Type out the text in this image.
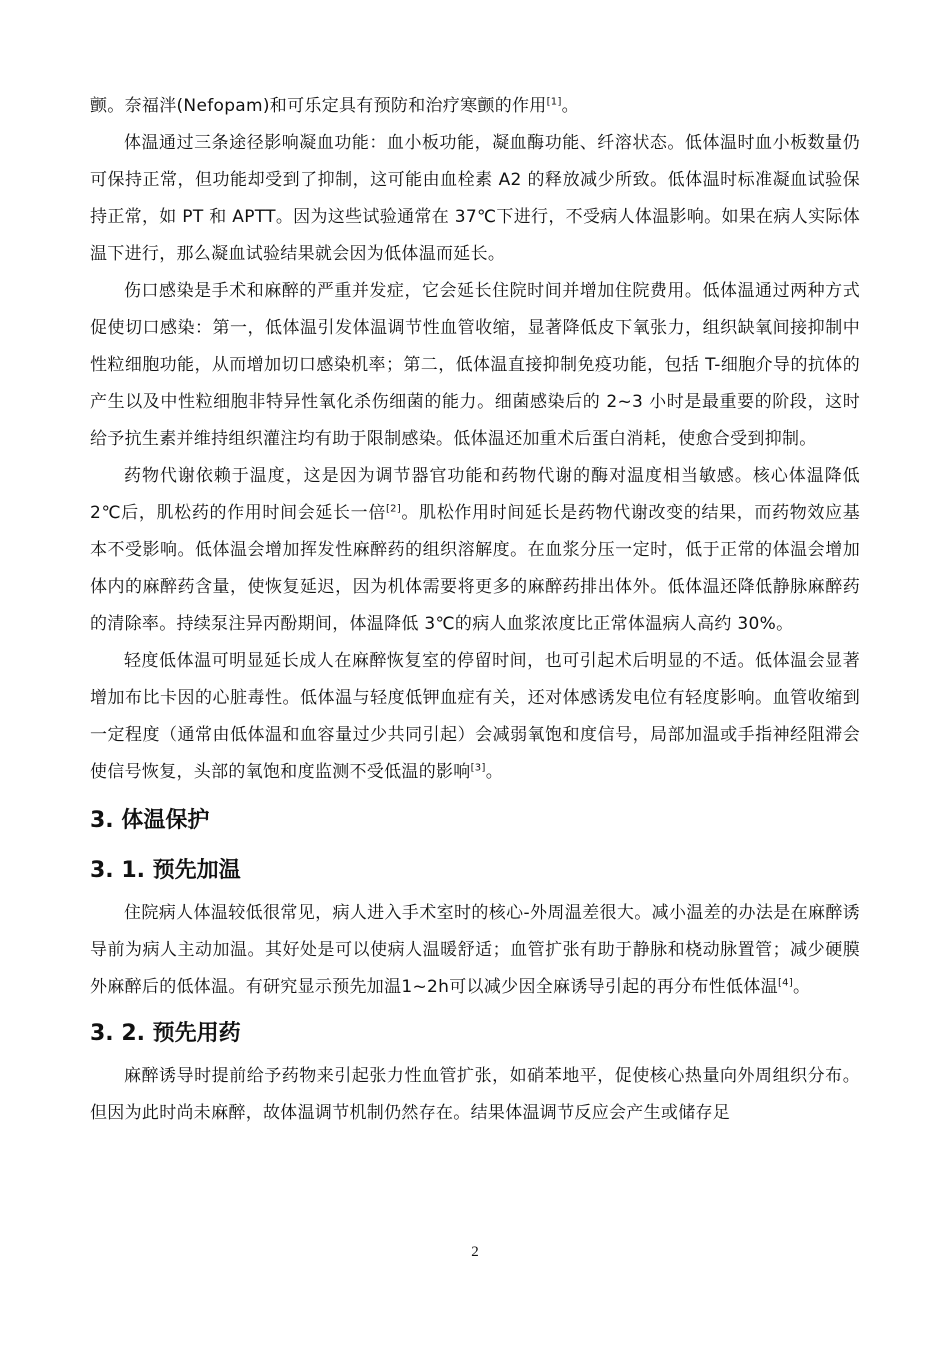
颤。奈福泮(Nefopam)和可乐定具有预防和治疗寒颤的作用[1]。

体温通过三条途径影响凝血功能：血小板功能，凝血酶功能、纤溶状态。低体温时血小板数量仍可保持正常，但功能却受到了抑制，这可能由血栓素 A2 的释放减少所致。低体温时标准凝血试验保持正常，如 PT 和 APTT。因为这些试验通常在 37℃下进行，不受病人体温影响。如果在病人实际体温下进行，那么凝血试验结果就会因为低体温而延长。

伤口感染是手术和麻醉的严重并发症，它会延长住院时间并增加住院费用。低体温通过两种方式促使切口感染：第一，低体温引发体温调节性血管收缩，显著降低皮下氧张力，组织缺氧间接抑制中性粒细胞功能，从而增加切口感染机率；第二，低体温直接抑制免疫功能，包括 T-细胞介导的抗体的产生以及中性粒细胞非特异性氧化杀伤细菌的能力。细菌感染后的 2~3 小时是最重要的阶段，这时给予抗生素并维持组织灌注均有助于限制感染。低体温还加重术后蛋白消耗，使愈合受到抑制。

药物代谢依赖于温度，这是因为调节器官功能和药物代谢的酶对温度相当敏感。核心体温降低 2℃后，肌松药的作用时间会延长一倍[2]。肌松作用时间延长是药物代谢改变的结果，而药物效应基本不受影响。低体温会增加挥发性麻醉药的组织溶解度。在血浆分压一定时，低于正常的体温会增加体内的麻醉药含量，使恢复延迟，因为机体需要将更多的麻醉药排出体外。低体温还降低静脉麻醉药的清除率。持续泵注异丙酚期间，体温降低 3℃的病人血浆浓度比正常体温病人高约 30%。

轻度低体温可明显延长成人在麻醉恢复室的停留时间，也可引起术后明显的不适。低体温会显著增加布比卡因的心脏毒性。低体温与轻度低钾血症有关，还对体感诱发电位有轻度影响。血管收缩到一定程度（通常由低体温和血容量过少共同引起）会减弱氧饱和度信号，局部加温或手指神经阻滞会使信号恢复，头部的氧饱和度监测不受低温的影响[3]。

3. 体温保护
3. 1. 预先加温

住院病人体温较低很常见，病人进入手术室时的核心-外周温差很大。减小温差的办法是在麻醉诱导前为病人主动加温。其好处是可以使病人温暖舒适；血管扩张有助于静脉和桡动脉置管；减少硬膜外麻醉后的低体温。有研究显示预先加温1~2h可以减少因全麻诱导引起的再分布性低体温[4]。

3. 2. 预先用药

麻醉诱导时提前给予药物来引起张力性血管扩张，如硝苯地平，促使核心热量向外周组织分布。但因为此时尚未麻醉，故体温调节机制仍然存在。结果体温调节反应会产生或储存足

2
